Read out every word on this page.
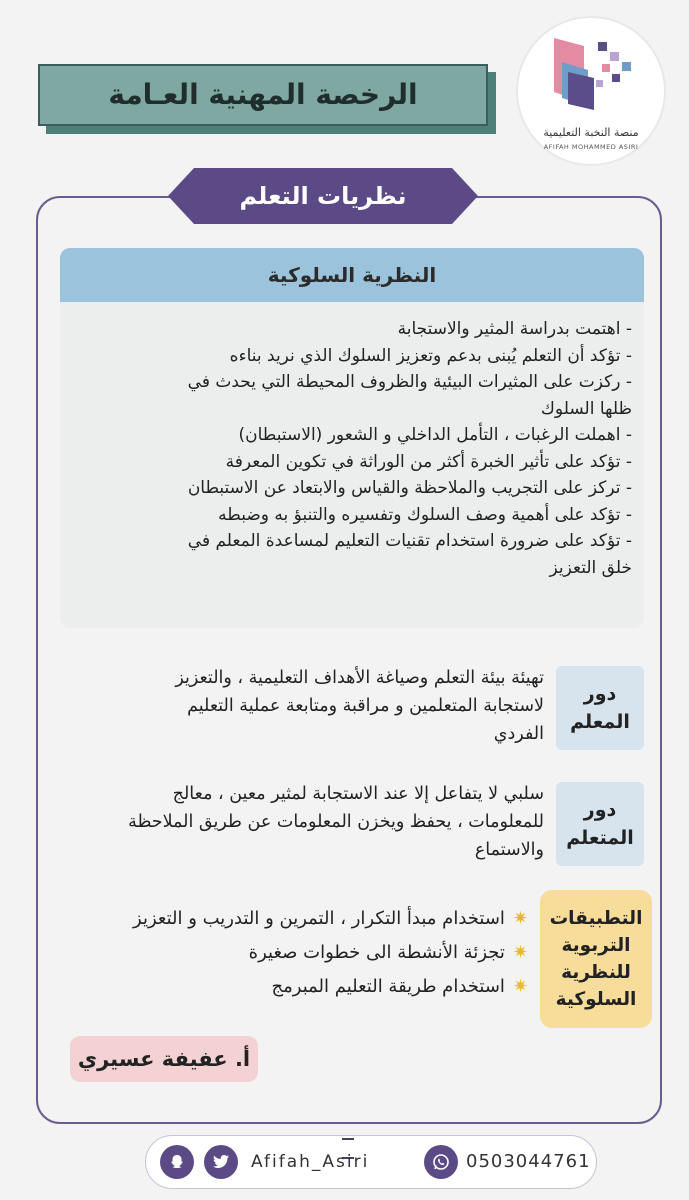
منصة النخبة التعليمية
AFIFAH MOHAMMED ASIRI
الرخصة المهنية العـامة
نظريات التعلم
النظرية السلوكية
- اهتمت بدراسة المثير والاستجابة
- تؤكد أن التعلم يُبنى بدعم وتعزيز السلوك الذي نريد بناءه
- ركزت على المثيرات البيئية والظروف المحيطة التي يحدث في
ظلها السلوك
- اهملت الرغبات ، التأمل الداخلي و الشعور (الاستبطان)
- تؤكد على تأثير الخبرة أكثر من الوراثة في تكوين المعرفة
- تركز على التجريب والملاحظة والقياس والابتعاد عن الاستبطان
- تؤكد على أهمية وصف السلوك وتفسيره والتنبؤ به وضبطه
- تؤكد على ضرورة استخدام تقنيات التعليم لمساعدة المعلم في
خلق التعزيز
تهيئة بيئة التعلم وصياغة الأهداف التعليمية ، والتعزيز
لاستجابة المتعلمين و مراقبة ومتابعة عملية التعليم
الفردي
دور
المعلم
سلبي لا يتفاعل إلا عند الاستجابة لمثير معين ، معالج
للمعلومات ، يحفظ ويخزن المعلومات عن طريق الملاحظة
والاستماع
دور
المتعلم
التطبيقات
التربوية
للنظرية
السلوكية
✷استخدام مبدأ التكرار ، التمرين و التدريب و التعزيز
✷تجزئة الأنشطة الى خطوات صغيرة
✷استخدام طريقة التعليم المبرمج
أ. عفيفة عسيري
Afifah_Asiri	0503044761
